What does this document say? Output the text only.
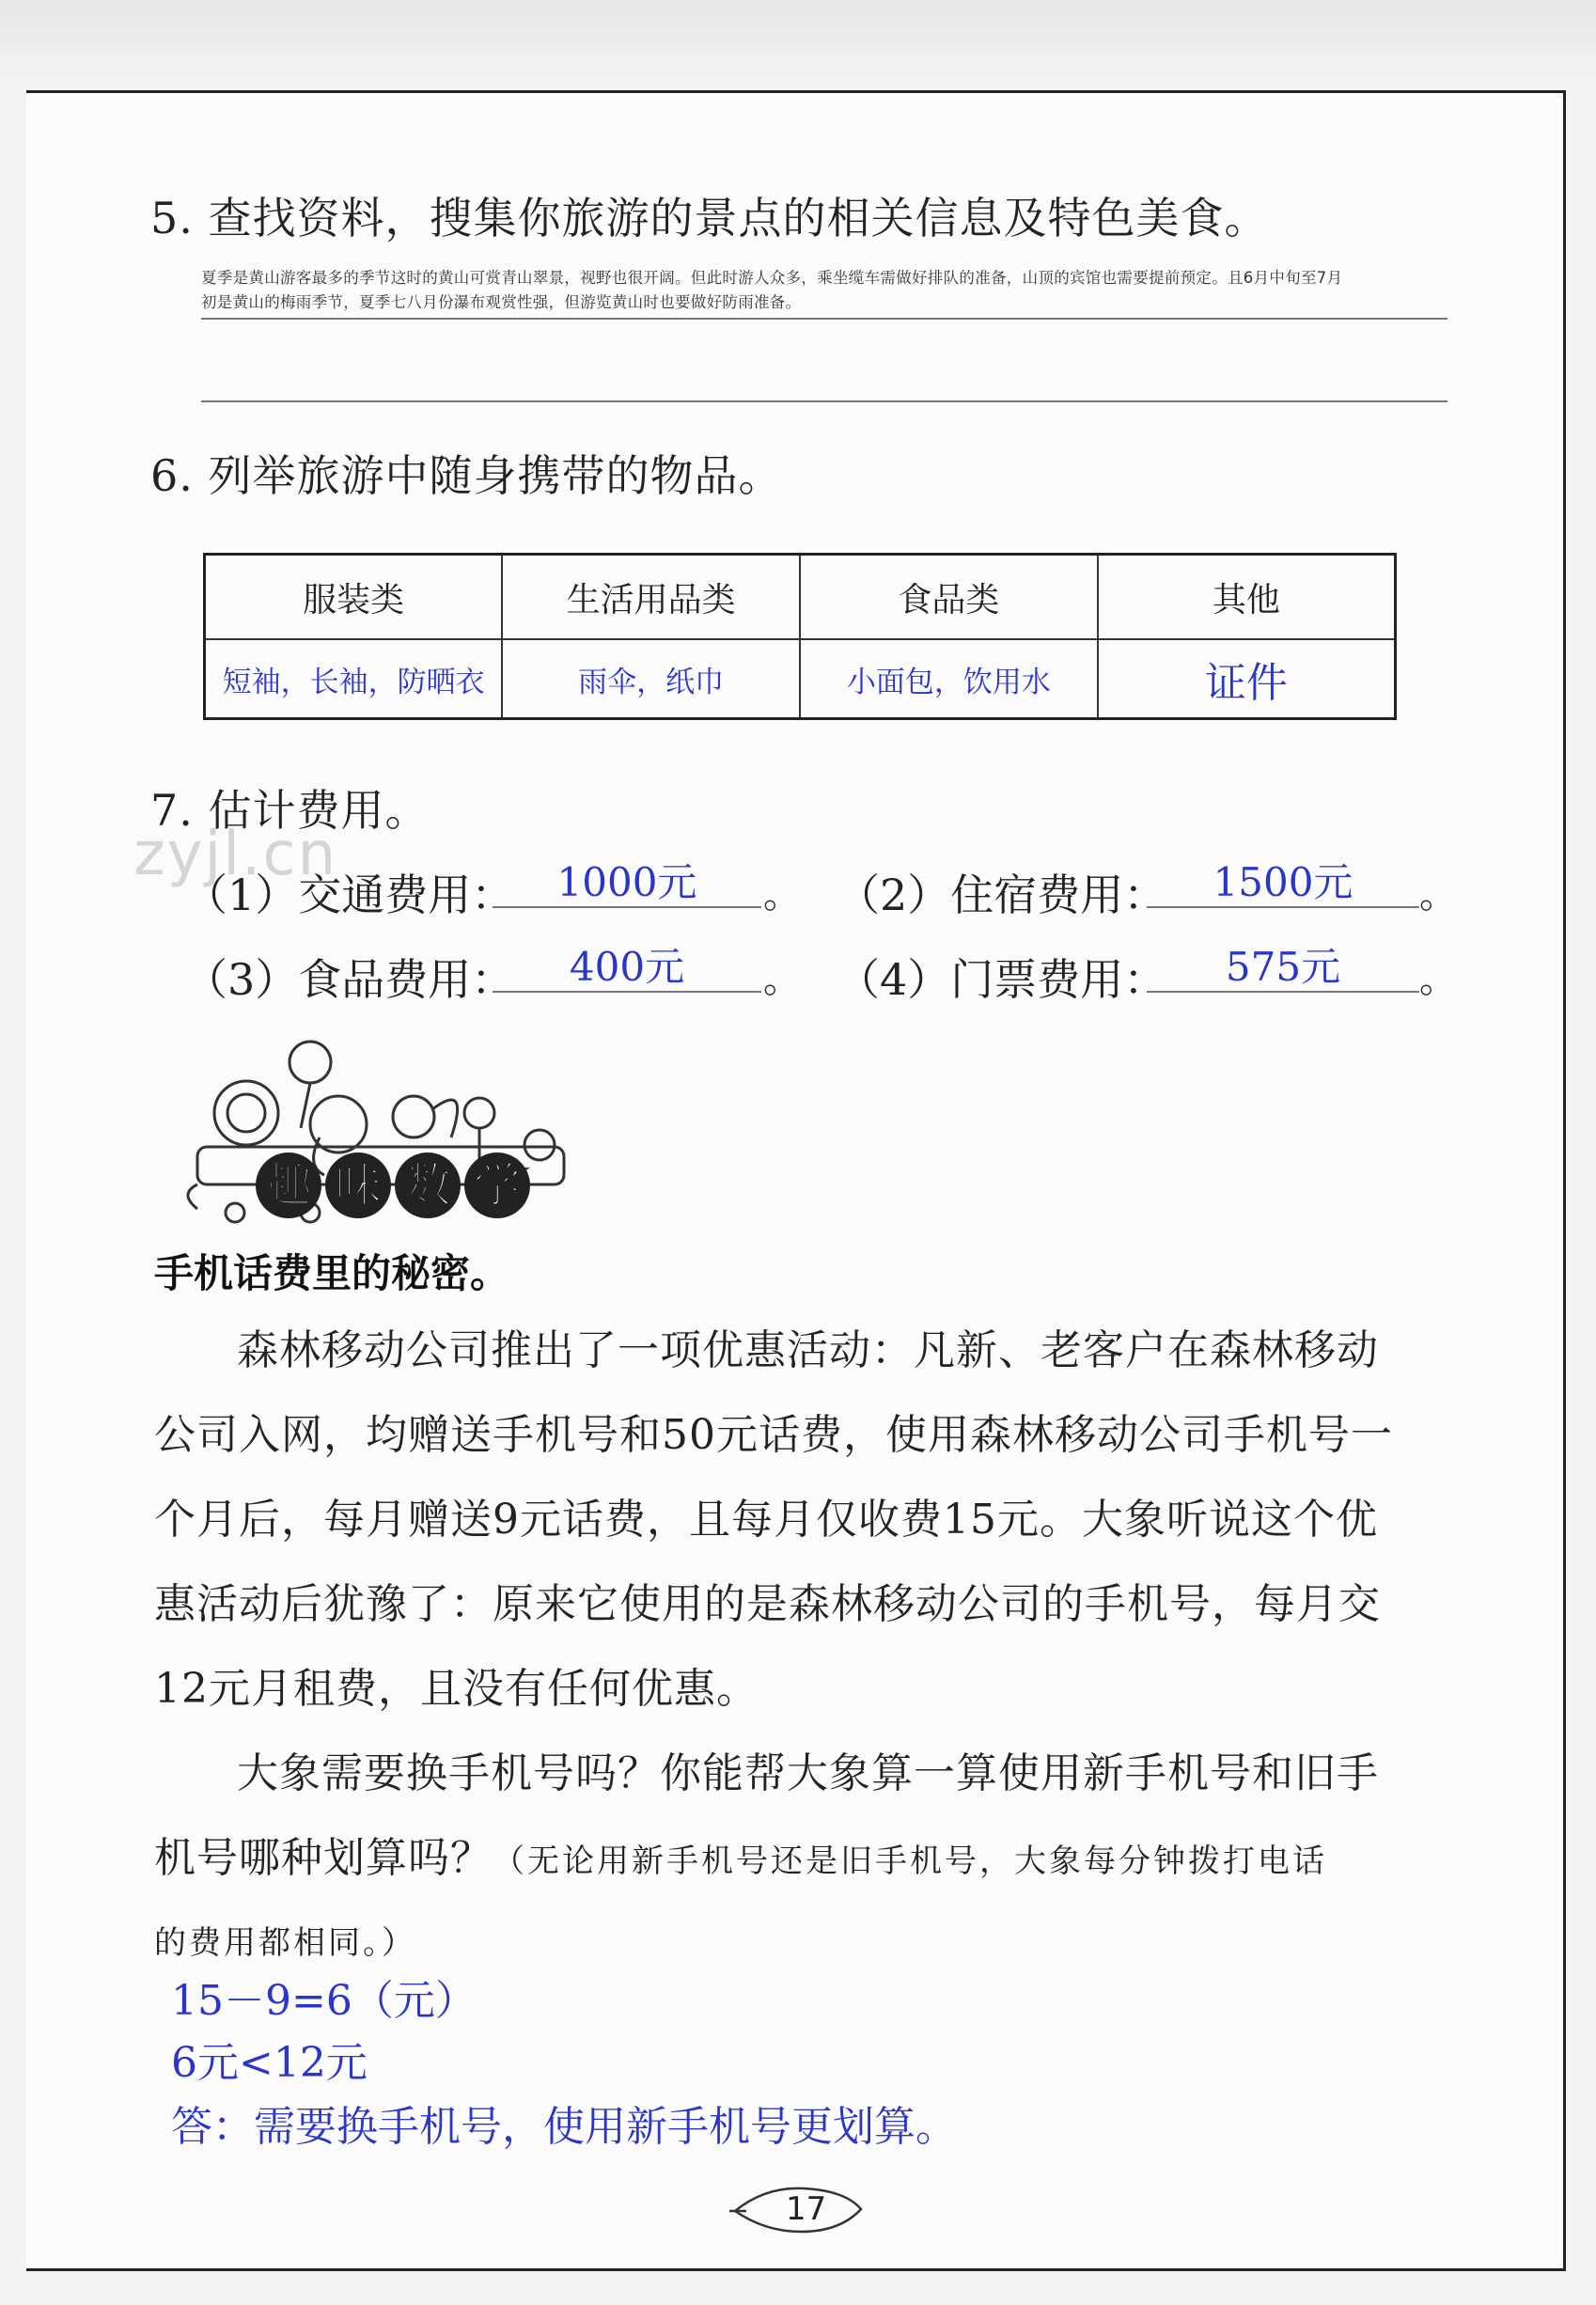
5. 查找资料，搜集你旅游的景点的相关信息及特色美食。
夏季是黄山游客最多的季节这时的黄山可赏青山翠景，视野也很开阔。但此时游人众多，乘坐缆车需做好排队的准备，山顶的宾馆也需要提前预定。且6月中旬至7月
初是黄山的梅雨季节，夏季七八月份瀑布观赏性强，但游览黄山时也要做好防雨准备。
6. 列举旅游中随身携带的物品。
服装类	生活用品类	食品类	其他
短袖，长袖，防晒衣	雨伞，纸巾	小面包，饮用水	证件
7. 估计费用。
zyjl.cn
（1）交通费用：	1000元	。 （2）住宿费用：	1500元	。
（3）食品费用：	400元	。 （4）门票费用：	575元	。
趣 味 数 学
手机话费里的秘密。
森林移动公司推出了一项优惠活动：凡新、老客户在森林移动
公司入网，均赠送手机号和50元话费，使用森林移动公司手机号一
个月后，每月赠送9元话费，且每月仅收费15元。大象听说这个优
惠活动后犹豫了：原来它使用的是森林移动公司的手机号，每月交
12元月租费，且没有任何优惠。
大象需要换手机号吗？你能帮大象算一算使用新手机号和旧手
机号哪种划算吗？（无论用新手机号还是旧手机号，大象每分钟拨打电话
的费用都相同。）
15－9=6（元）
6元<12元
答：需要换手机号，使用新手机号更划算。
17
